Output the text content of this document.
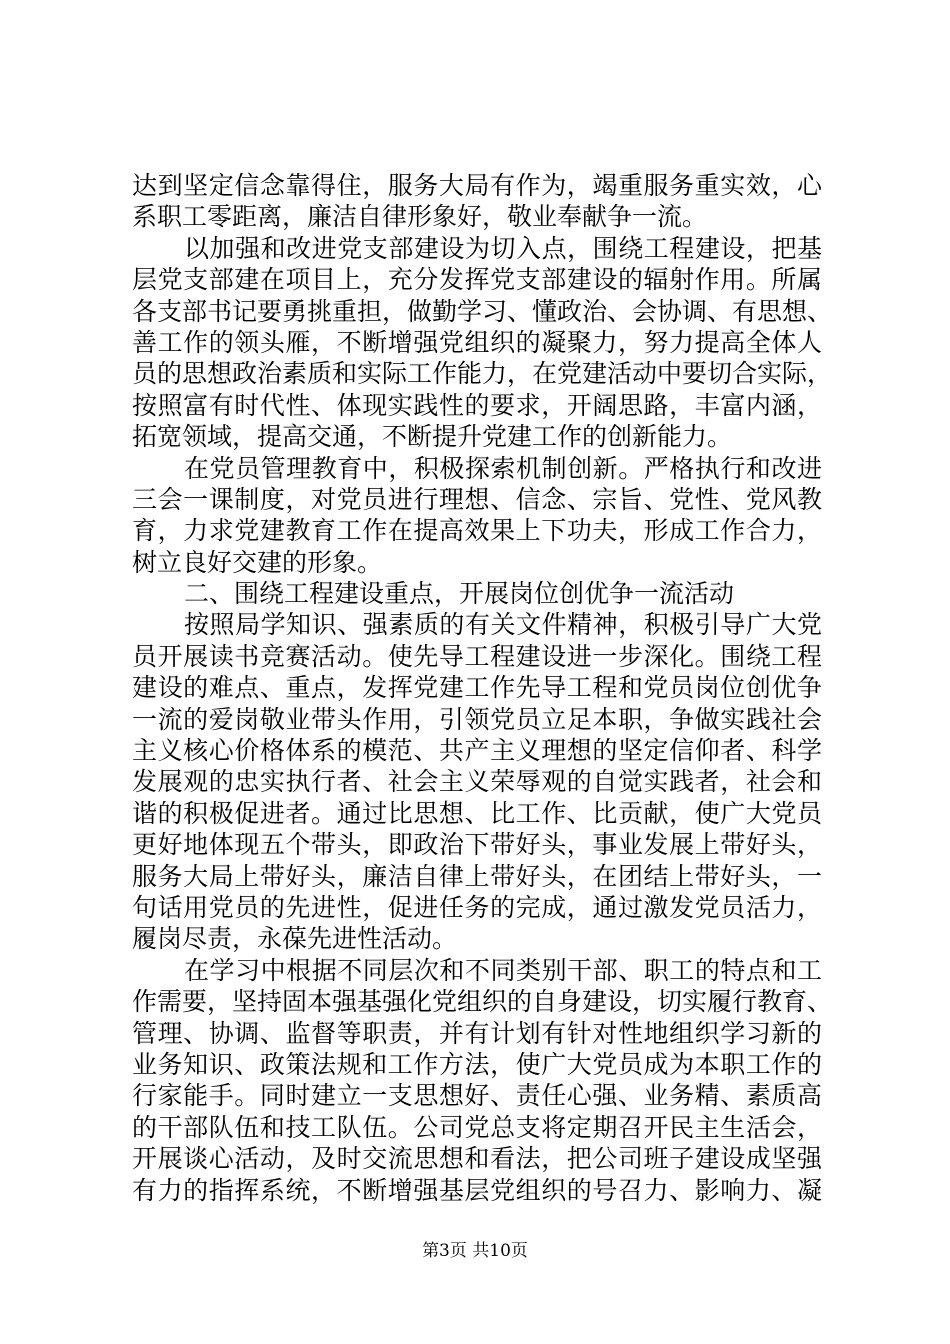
达到坚定信念靠得住，服务大局有作为，竭重服务重实效，心
系职工零距离，廉洁自律形象好，敬业奉献争一流。
以加强和改进党支部建设为切入点，围绕工程建设，把基
层党支部建在项目上，充分发挥党支部建设的辐射作用。所属
各支部书记要勇挑重担，做勤学习、懂政治、会协调、有思想、
善工作的领头雁，不断增强党组织的凝聚力，努力提高全体人
员的思想政治素质和实际工作能力，在党建活动中要切合实际，
按照富有时代性、体现实践性的要求，开阔思路，丰富内涵，
拓宽领域，提高交通，不断提升党建工作的创新能力。
在党员管理教育中，积极探索机制创新。严格执行和改进
三会一课制度，对党员进行理想、信念、宗旨、党性、党风教
育，力求党建教育工作在提高效果上下功夫，形成工作合力，
树立良好交建的形象。
二、围绕工程建设重点，开展岗位创优争一流活动
按照局学知识、强素质的有关文件精神，积极引导广大党
员开展读书竞赛活动。使先导工程建设进一步深化。围绕工程
建设的难点、重点，发挥党建工作先导工程和党员岗位创优争
一流的爱岗敬业带头作用，引领党员立足本职，争做实践社会
主义核心价格体系的模范、共产主义理想的坚定信仰者、科学
发展观的忠实执行者、社会主义荣辱观的自觉实践者，社会和
谐的积极促进者。通过比思想、比工作、比贡献，使广大党员
更好地体现五个带头，即政治下带好头，事业发展上带好头，
服务大局上带好头，廉洁自律上带好头，在团结上带好头，一
句话用党员的先进性，促进任务的完成，通过激发党员活力，
履岗尽责，永葆先进性活动。
在学习中根据不同层次和不同类别干部、职工的特点和工
作需要，坚持固本强基强化党组织的自身建设，切实履行教育、
管理、协调、监督等职责，并有计划有针对性地组织学习新的
业务知识、政策法规和工作方法，使广大党员成为本职工作的
行家能手。同时建立一支思想好、责任心强、业务精、素质高
的干部队伍和技工队伍。公司党总支将定期召开民主生活会，
开展谈心活动，及时交流思想和看法，把公司班子建设成坚强
有力的指挥系统，不断增强基层党组织的号召力、影响力、凝
第3页 共10页
